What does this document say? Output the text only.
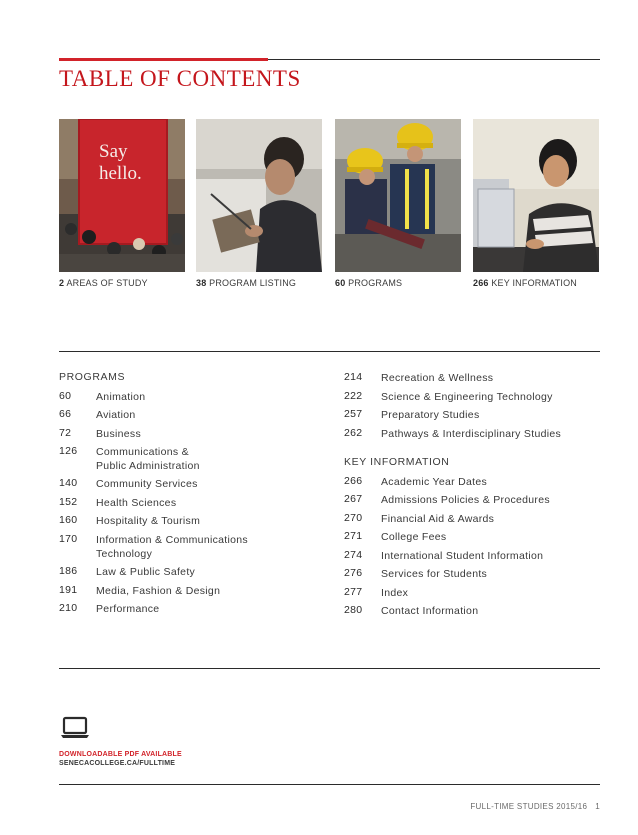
TABLE OF CONTENTS
Say
hello.
2 AREAS OF STUDY	38 PROGRAM LISTING	60 PROGRAMS	266 KEY INFORMATION
PROGRAMS
60 Animation
66 Aviation
72 Business
126 Communications &
Public Administration
140 Community Services
152 Health Sciences
160 Hospitality & Tourism
170 Information & Communications
Technology
186 Law & Public Safety
191 Media, Fashion & Design
210 Performance
214 Recreation & Wellness
222 Science & Engineering Technology
257 Preparatory Studies
262 Pathways & Interdisciplinary Studies
KEY INFORMATION
266 Academic Year Dates
267 Admissions Policies & Procedures
270 Financial Aid & Awards
271 College Fees
274 International Student Information
276 Services for Students
277 Index
280 Contact Information
DOWNLOADABLE PDF AVAILABLE
SENECACOLLEGE.CA/FULLTIME
FULL-TIME STUDIES 2015/16 1
